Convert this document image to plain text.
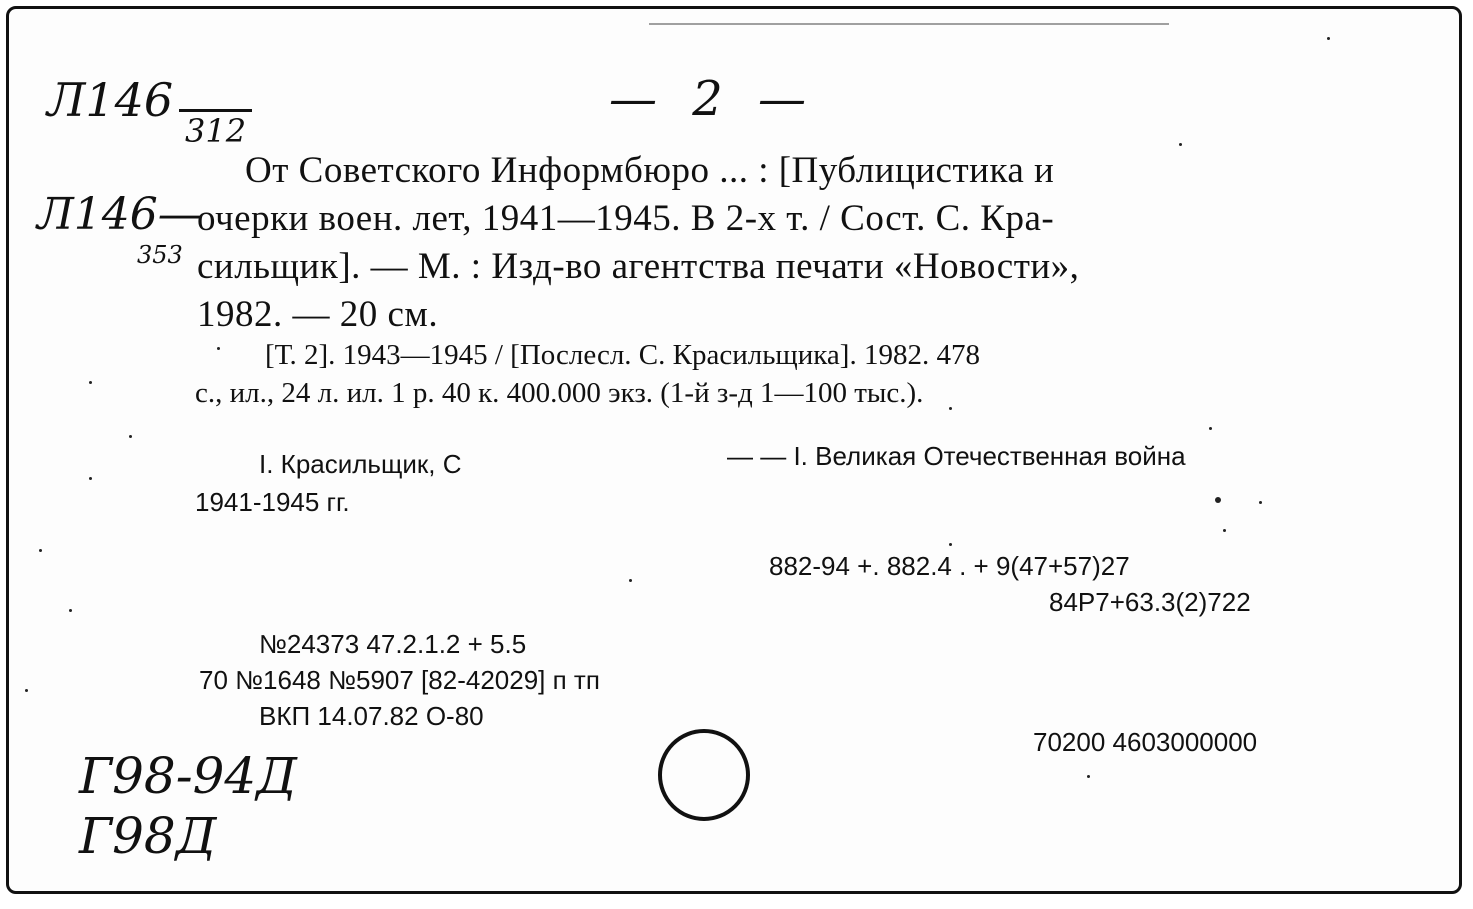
Л146
312
— 2 —
Л146—
353
От Советского Информбюро ... : [Публицистика и
очерки воен. лет, 1941—1945. В 2-х т. / Сост. С. Кра-
сильщик]. — М. : Изд-во агентства печати «Новости»,
1982. — 20 см.
[Т. 2]. 1943—1945 / [Послесл. С. Красильщика]. 1982. 478
с., ил., 24 л. ил. 1 р. 40 к. 400.000 экз. (1-й з-д 1—100 тыс.).
I. Красильщик, С	— — I. Великая Отечественная война
1941-1945 гг.
882-94 +. 882.4 . + 9(47+57)27
84Р7+63.3(2)722
№24373 47.2.1.2 + 5.5
70 №1648 №5907 [82-42029] п тп
ВКП 14.07.82 О-80
70200 4603000000
Г98-94Д
Г98Д
